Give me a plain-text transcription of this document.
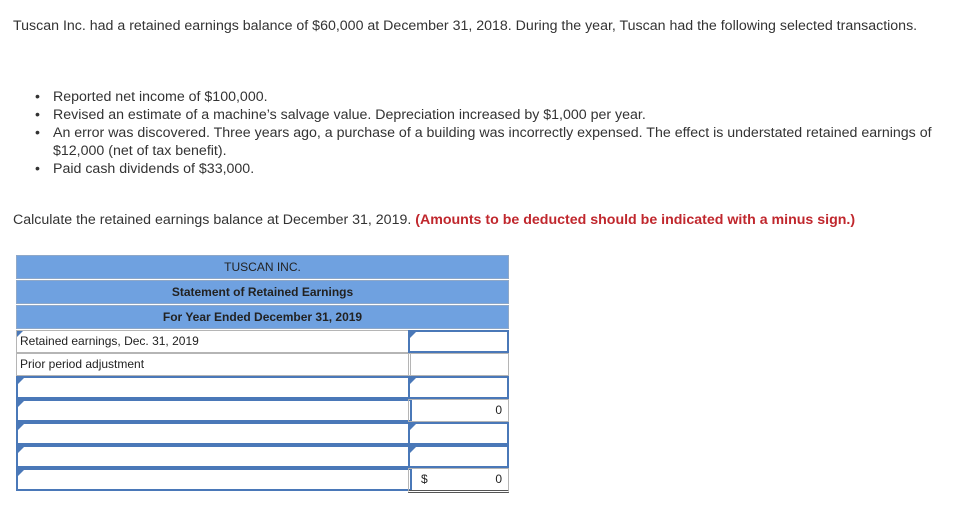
Tuscan Inc. had a retained earnings balance of $60,000 at December 31, 2018. During the year, Tuscan had the following selected transactions.

• Reported net income of $100,000.
• Revised an estimate of a machine’s salvage value. Depreciation increased by $1,000 per year.
• An error was discovered. Three years ago, a purchase of a building was incorrectly expensed. The effect is understated retained earnings of $12,000 (net of tax benefit).
• Paid cash dividends of $33,000.

Calculate the retained earnings balance at December 31, 2019. (Amounts to be deducted should be indicated with a minus sign.)

TUSCAN INC.
Statement of Retained Earnings
For Year Ended December 31, 2019
Retained earnings, Dec. 31, 2019
Prior period adjustment
0
$	0
